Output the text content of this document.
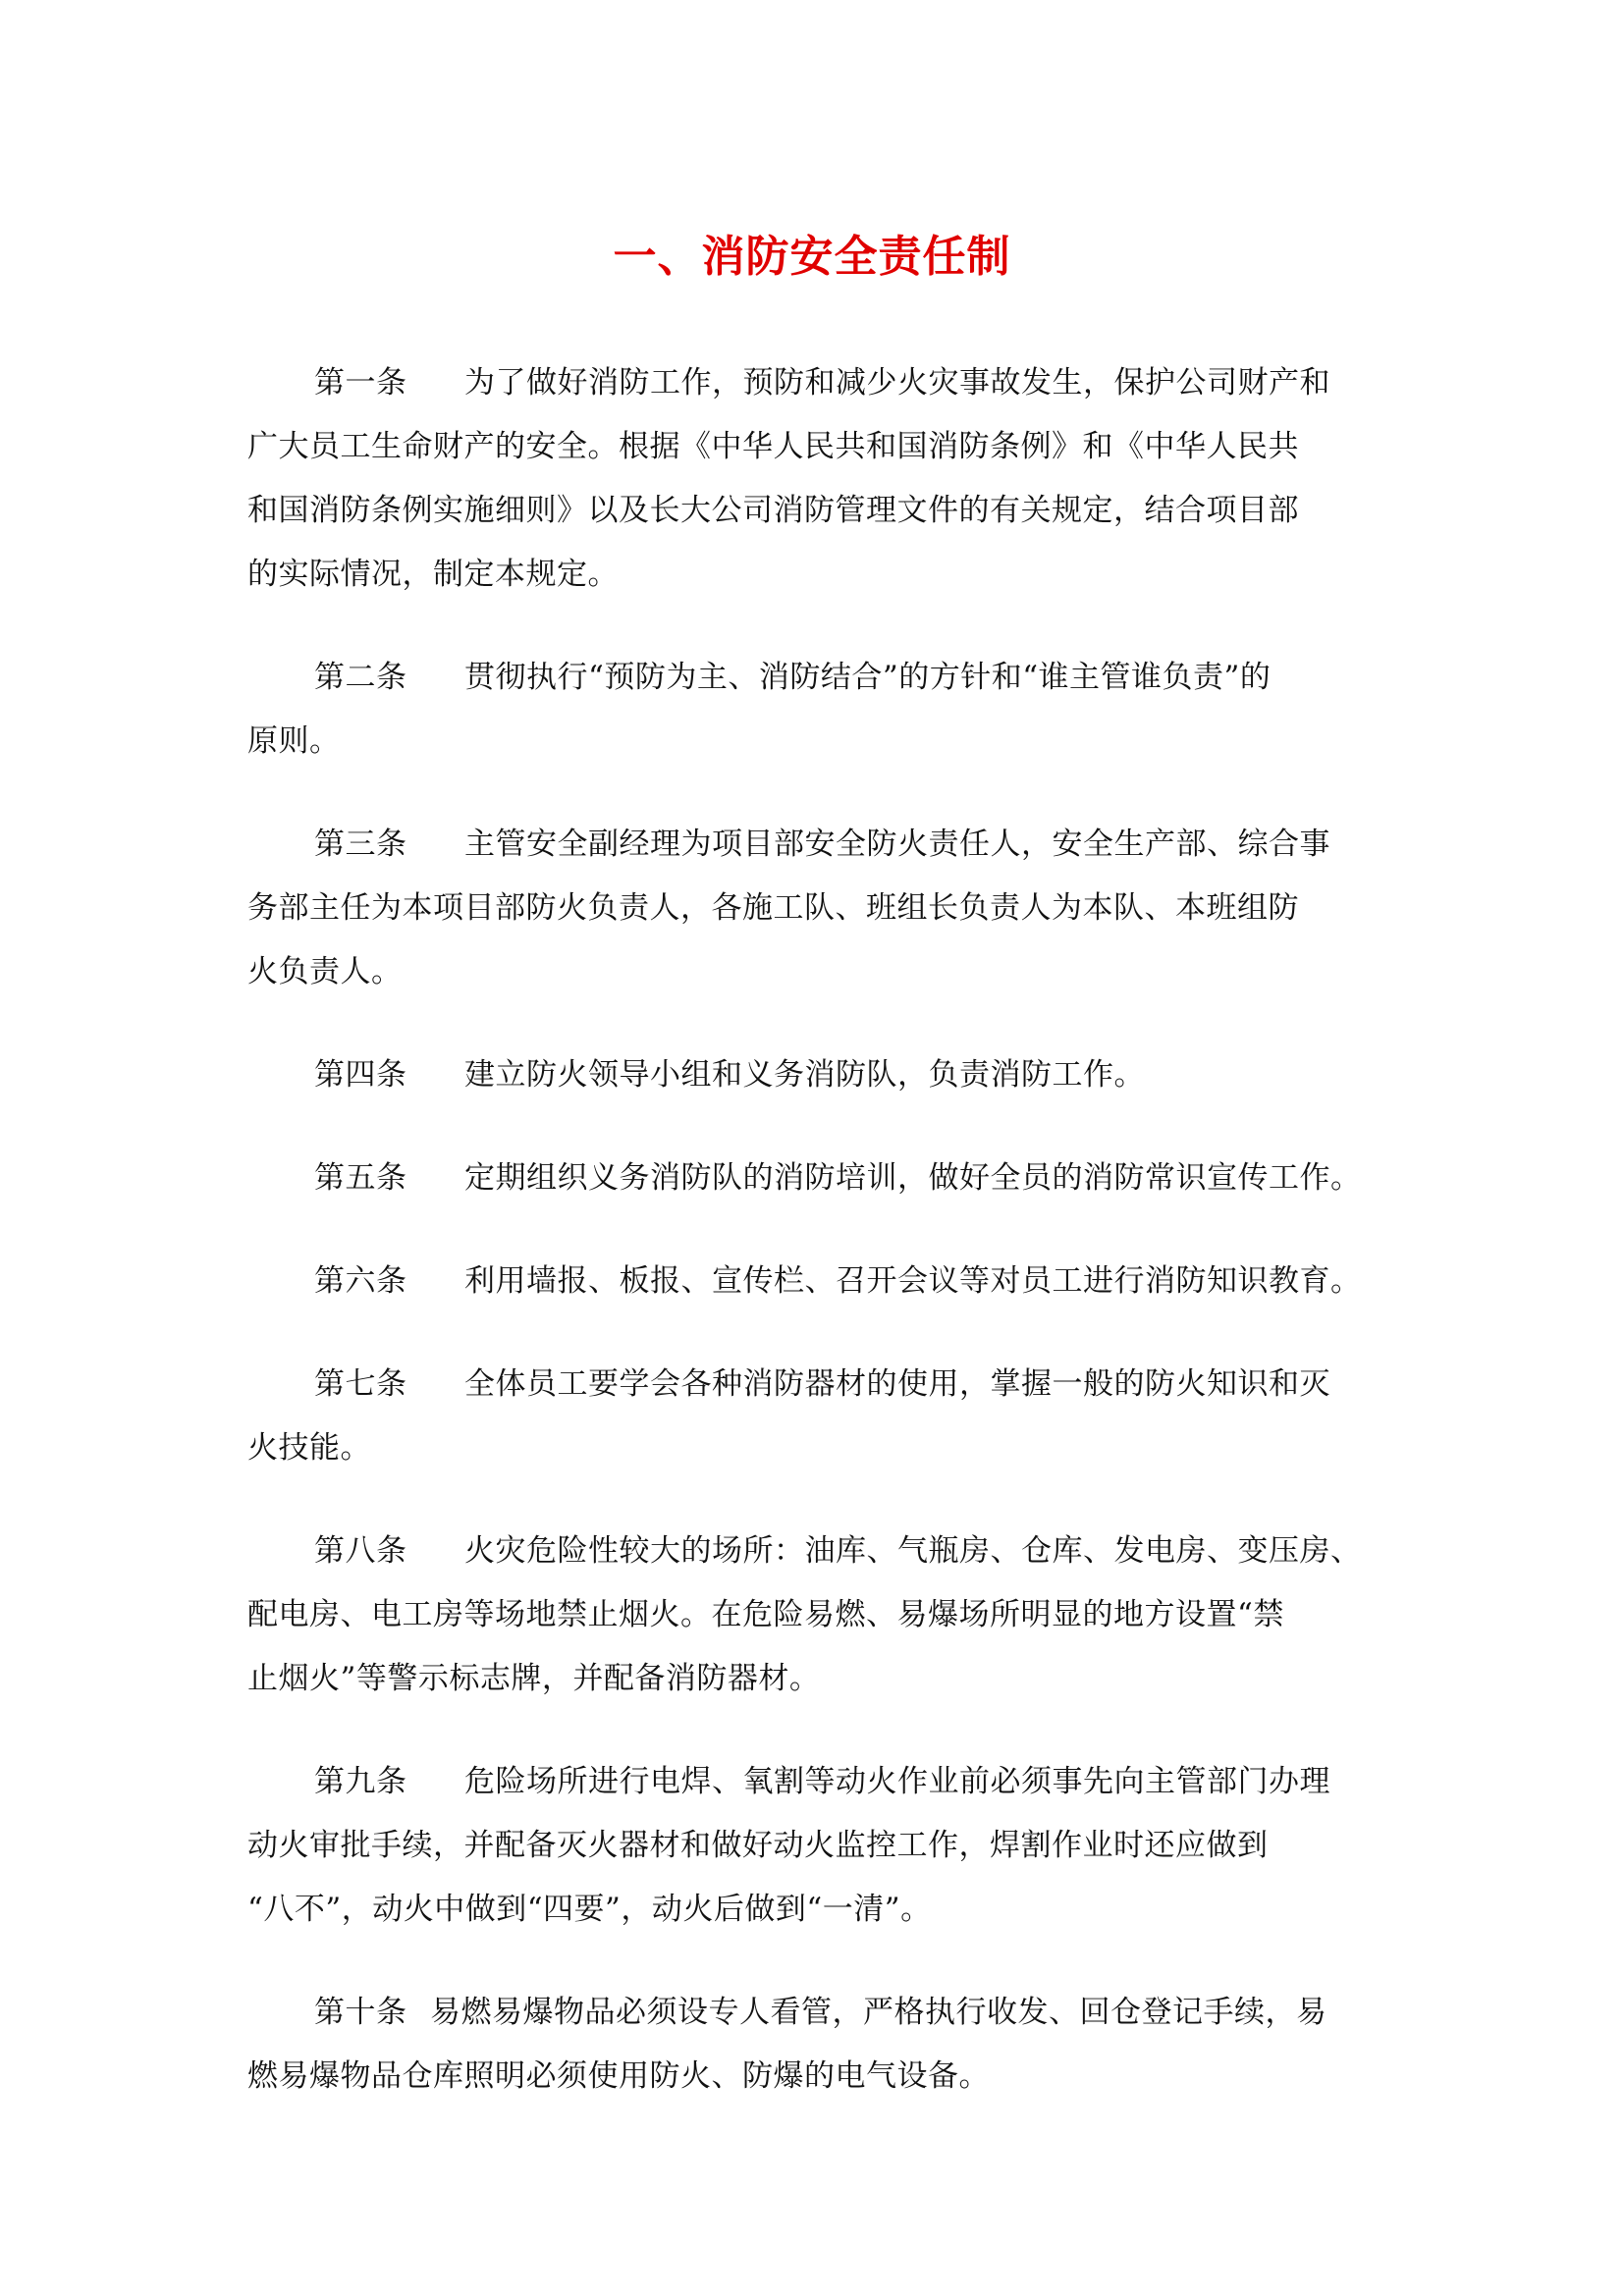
一、消防安全责任制
第一条 为了做好消防工作，预防和减少火灾事故发生，保护公司财产和
广大员工生命财产的安全。根据《中华人民共和国消防条例》和《中华人民共
和国消防条例实施细则》以及长大公司消防管理文件的有关规定，结合项目部
的实际情况，制定本规定。
第二条 贯彻执行“预防为主、消防结合”的方针和“谁主管谁负责”的
原则。
第三条 主管安全副经理为项目部安全防火责任人，安全生产部、综合事
务部主任为本项目部防火负责人，各施工队、班组长负责人为本队、本班组防
火负责人。
第四条 建立防火领导小组和义务消防队，负责消防工作。
第五条 定期组织义务消防队的消防培训，做好全员的消防常识宣传工作。
第六条 利用墙报、板报、宣传栏、召开会议等对员工进行消防知识教育。
第七条 全体员工要学会各种消防器材的使用，掌握一般的防火知识和灭
火技能。
第八条 火灾危险性较大的场所：油库、气瓶房、仓库、发电房、变压房、
配电房、电工房等场地禁止烟火。在危险易燃、易爆场所明显的地方设置“禁
止烟火”等警示标志牌，并配备消防器材。
第九条 危险场所进行电焊、氧割等动火作业前必须事先向主管部门办理
动火审批手续，并配备灭火器材和做好动火监控工作，焊割作业时还应做到
“八不”，动火中做到“四要”，动火后做到“一清”。
第十条 易燃易爆物品必须设专人看管，严格执行收发、回仓登记手续，易
燃易爆物品仓库照明必须使用防火、防爆的电气设备。
